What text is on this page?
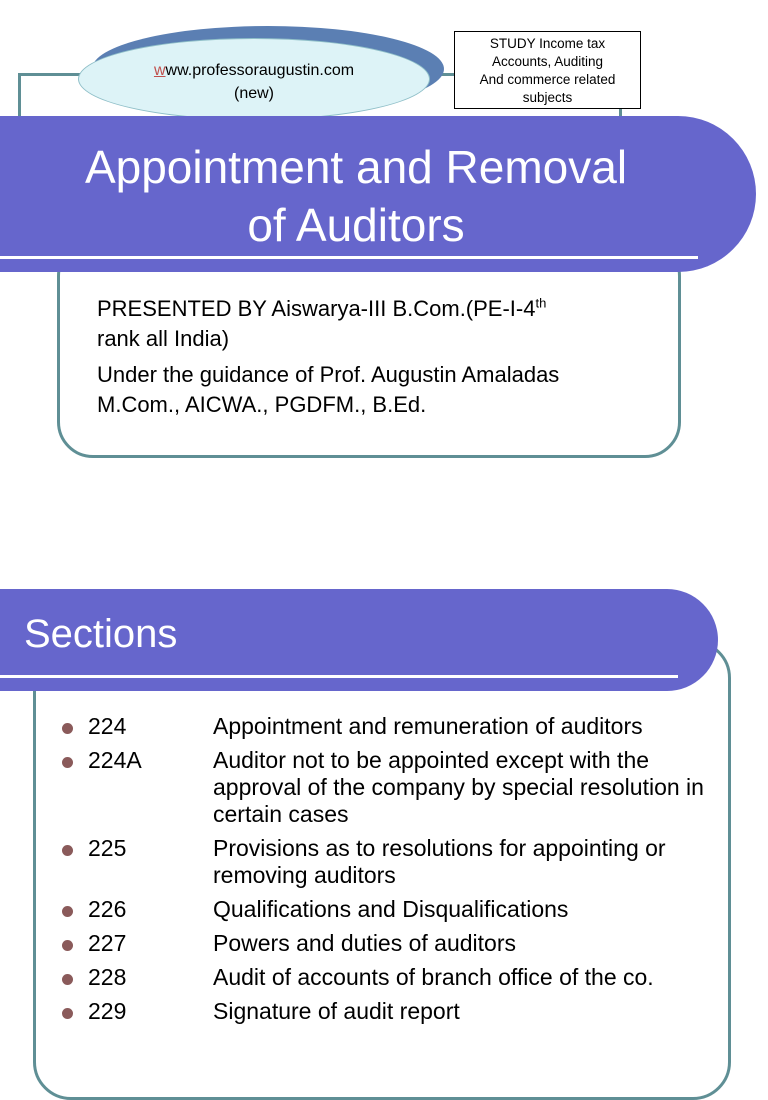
www.professoraugustin.com
(new)
STUDY Income tax
Accounts, Auditing
And commerce related
subjects
Appointment and Removal
of Auditors

PRESENTED BY Aiswarya-III B.Com.(PE-I-4th
rank all India)

Under the guidance of Prof. Augustin Amaladas
M.Com., AICWA., PGDFM., B.Ed.

Sections
224	Appointment and remuneration of auditors
224A	Auditor not to be appointed except with the approval of the company by special resolution in certain cases
225	Provisions as to resolutions for appointing or removing auditors
226	Qualifications and Disqualifications
227	Powers and duties of auditors
228	Audit of accounts of branch office of the co.
229	Signature of audit report
